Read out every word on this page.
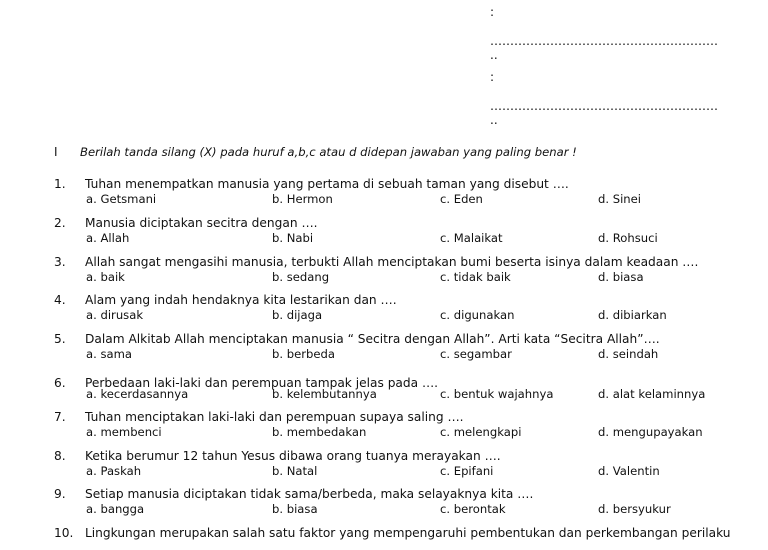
:
…………………………………………………
..
:
…………………………………………………
..
I Berilah tanda silang (X) pada huruf a,b,c atau d didepan jawaban yang paling benar !
1. Tuhan menempatkan manusia yang pertama di sebuah taman yang disebut ….
a. Getsmani	b. Hermon	c. Eden	d. Sinei
2. Manusia diciptakan secitra dengan ….
a. Allah	b. Nabi	c. Malaikat	d. Rohsuci
3. Allah sangat mengasihi manusia, terbukti Allah menciptakan bumi beserta isinya dalam keadaan ….
a. baik	b. sedang	c. tidak baik	d. biasa
4. Alam yang indah hendaknya kita lestarikan dan ….
a. dirusak	b. dijaga	c. digunakan	d. dibiarkan
5. Dalam Alkitab Allah menciptakan manusia “ Secitra dengan Allah”. Arti kata “Secitra Allah”….
a. sama	b. berbeda	c. segambar	d. seindah
6. Perbedaan laki-laki dan perempuan tampak jelas pada ….
a. kecerdasannya	b. kelembutannya	c. bentuk wajahnya	d. alat kelaminnya
7. Tuhan menciptakan laki-laki dan perempuan supaya saling ….
a. membenci	b. membedakan	c. melengkapi	d. mengupayakan
8. Ketika berumur 12 tahun Yesus dibawa orang tuanya merayakan ….
a. Paskah	b. Natal	c. Epifani	d. Valentin
9. Setiap manusia diciptakan tidak sama/berbeda, maka selayaknya kita ….
a. bangga	b. biasa	c. berontak	d. bersyukur
10. Lingkungan merupakan salah satu faktor yang mempengaruhi pembentukan dan perkembangan perilaku
